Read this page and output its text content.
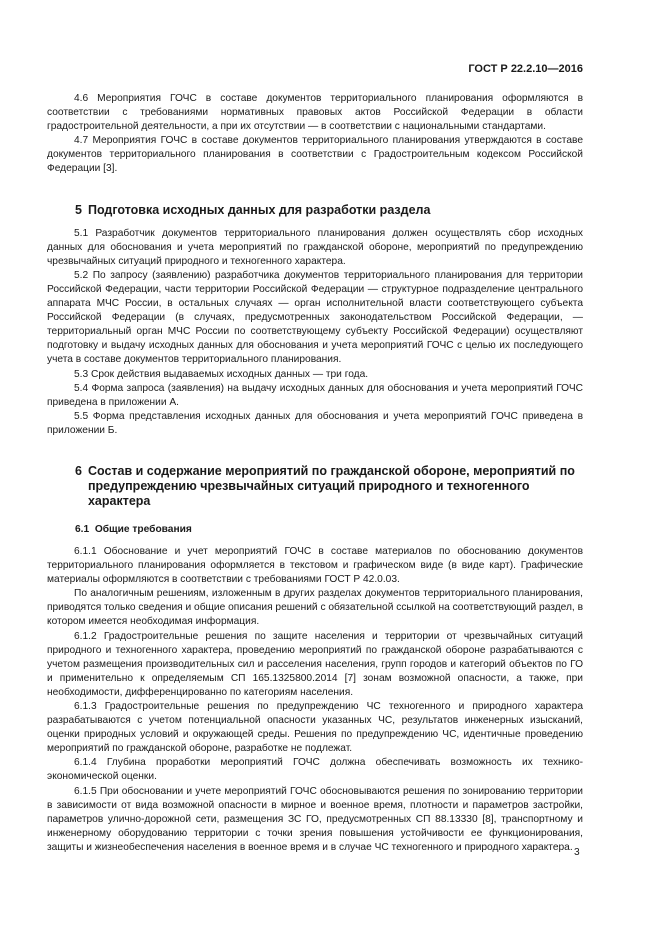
ГОСТ Р 22.2.10—2016

4.6 Мероприятия ГОЧС в составе документов территориального планирования оформляются в соответствии с требованиями нормативных правовых актов Российской Федерации в области градостроительной деятельности, а при их отсутствии — в соответствии с национальными стандартами.

4.7 Мероприятия ГОЧС в составе документов территориального планирования утверждаются в составе документов территориального планирования в соответствии с Градостроительным кодексом Российской Федерации [3].

5 Подготовка исходных данных для разработки раздела

5.1 Разработчик документов территориального планирования должен осуществлять сбор исходных данных для обоснования и учета мероприятий по гражданской обороне, мероприятий по предупреждению чрезвычайных ситуаций природного и техногенного характера.

5.2 По запросу (заявлению) разработчика документов территориального планирования для территории Российской Федерации, части территории Российской Федерации — структурное подразделение центрального аппарата МЧС России, в остальных случаях — орган исполнительной власти соответствующего субъекта Российской Федерации (в случаях, предусмотренных законодательством Российской Федерации, — территориальный орган МЧС России по соответствующему субъекту Российской Федерации) осуществляют подготовку и выдачу исходных данных для обоснования и учета мероприятий ГОЧС с целью их последующего учета в составе документов территориального планирования.

5.3 Срок действия выдаваемых исходных данных — три года.

5.4 Форма запроса (заявления) на выдачу исходных данных для обоснования и учета мероприятий ГОЧС приведена в приложении А.

5.5 Форма представления исходных данных для обоснования и учета мероприятий ГОЧС приведена в приложении Б.

6 Состав и содержание мероприятий по гражданской обороне, мероприятий по предупреждению чрезвычайных ситуаций природного и техногенного характера
6.1 Общие требования

6.1.1 Обоснование и учет мероприятий ГОЧС в составе материалов по обоснованию документов территориального планирования оформляется в текстовом и графическом виде (в виде карт). Графические материалы оформляются в соответствии с требованиями ГОСТ Р 42.0.03.

По аналогичным решениям, изложенным в других разделах документов территориального планирования, приводятся только сведения и общие описания решений с обязательной ссылкой на соответствующий раздел, в котором имеется необходимая информация.

6.1.2 Градостроительные решения по защите населения и территории от чрезвычайных ситуаций природного и техногенного характера, проведению мероприятий по гражданской обороне разрабатываются с учетом размещения производительных сил и расселения населения, групп городов и категорий объектов по ГО и применительно к определяемым СП 165.1325800.2014 [7] зонам возможной опасности, а также, при необходимости, дифференцированно по категориям населения.

6.1.3 Градостроительные решения по предупреждению ЧС техногенного и природного характера разрабатываются с учетом потенциальной опасности указанных ЧС, результатов инженерных изысканий, оценки природных условий и окружающей среды. Решения по предупреждению ЧС, идентичные проведению мероприятий по гражданской обороне, разработке не подлежат.

6.1.4 Глубина проработки мероприятий ГОЧС должна обеспечивать возможность их технико-экономической оценки.

6.1.5 При обосновании и учете мероприятий ГОЧС обосновываются решения по зонированию территории в зависимости от вида возможной опасности в мирное и военное время, плотности и параметров застройки, параметров улично-дорожной сети, размещения ЗС ГО, предусмотренных СП 88.13330 [8], транспортному и инженерному оборудованию территории с точки зрения повышения устойчивости ее функционирования, защиты и жизнеобеспечения населения в военное время и в случае ЧС техногенного и природного характера. 3
